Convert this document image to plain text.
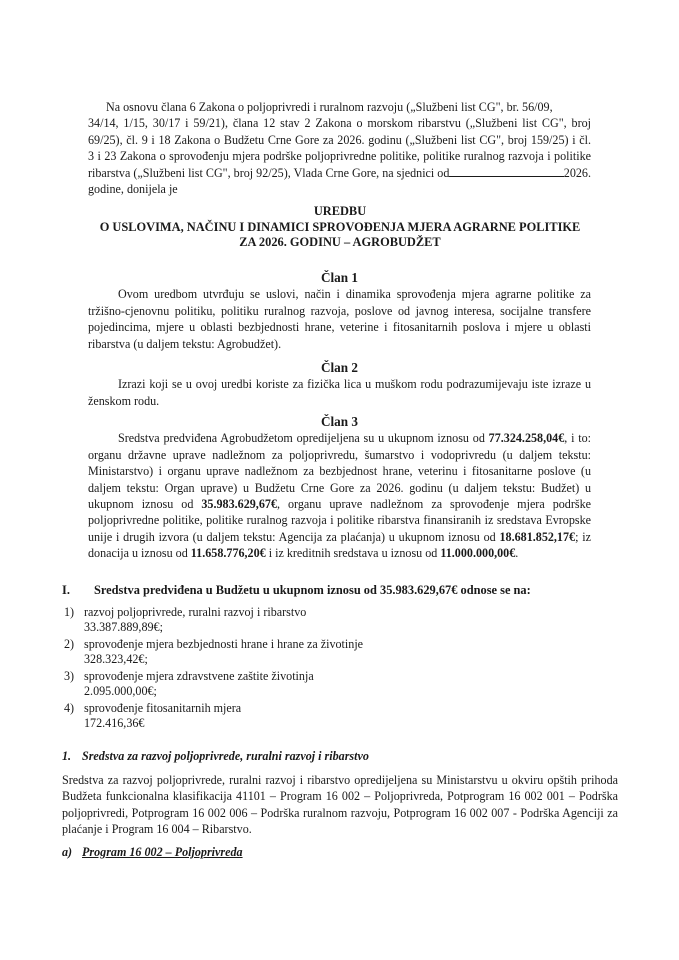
Na osnovu člana 6 Zakona o poljoprivredi i ruralnom razvoju („Službeni list CG", br. 56/09,
34/14, 1/15, 30/17 i 59/21), člana 12 stav 2 Zakona o morskom ribarstvu („Službeni list CG", broj
69/25), čl. 9 i 18 Zakona o Budžetu Crne Gore za 2026. godinu („Službeni list CG", broj 159/25) i čl.
3 i 23 Zakona o sprovođenju mjera podrške poljoprivredne politike, politike ruralnog razvoja i politike
ribarstva („Službeni list CG", broj 92/25), Vlada Crne Gore, na sjednici od	2026.
godine, donijela je
UREDBU
O USLOVIMA, NAČINU I DINAMICI SPROVOĐENJA MJERA AGRARNE POLITIKE
ZA 2026. GODINU – AGROBUDŽET
Član 1
Ovom uredbom utvrđuju se uslovi, način i dinamika sprovođenja mjera agrarne politike za tržišno-cjenovnu politiku, politiku ruralnog razvoja, poslove od javnog interesa, socijalne transfere pojedincima, mjere u oblasti bezbjednosti hrane, veterine i fitosanitarnih poslova i mjere u oblasti ribarstva (u daljem tekstu: Agrobudžet).
Član 2
Izrazi koji se u ovoj uredbi koriste za fizička lica u muškom rodu podrazumijevaju iste izraze u ženskom rodu.
Član 3
Sredstva predviđena Agrobudžetom opredijeljena su u ukupnom iznosu od 77.324.258,04€, i to: organu državne uprave nadležnom za poljoprivredu, šumarstvo i vodoprivredu (u daljem tekstu: Ministarstvo) i organu uprave nadležnom za bezbjednost hrane, veterinu i fitosanitarne poslove (u daljem tekstu: Organ uprave) u Budžetu Crne Gore za 2026. godinu (u daljem tekstu: Budžet) u ukupnom iznosu od 35.983.629,67€, organu uprave nadležnom za sprovođenje mjera podrške poljoprivredne politike, politike ruralnog razvoja i politike ribarstva finansiranih iz sredstava Evropske unije i drugih izvora (u daljem tekstu: Agencija za plaćanja) u ukupnom iznosu od 18.681.852,17€; iz donacija u iznosu od 11.658.776,20€ i iz kreditnih sredstava u iznosu od 11.000.000,00€.
I. Sredstva predviđena u Budžetu u ukupnom iznosu od 35.983.629,67€ odnose se na:
1) razvoj poljoprivrede, ruralni razvoj i ribarstvo
33.387.889,89€;
2) sprovođenje mjera bezbjednosti hrane i hrane za životinje
328.323,42€;
3) sprovođenje mjera zdravstvene zaštite životinja
2.095.000,00€;
4) sprovođenje fitosanitarnih mjera
172.416,36€
1. Sredstva za razvoj poljoprivrede, ruralni razvoj i ribarstvo
Sredstva za razvoj poljoprivrede, ruralni razvoj i ribarstvo opredijeljena su Ministarstvu u okviru opštih prihoda Budžeta funkcionalna klasifikacija 41101 – Program 16 002 – Poljoprivreda, Potprogram 16 002 001 – Podrška poljoprivredi, Potprogram 16 002 006 – Podrška ruralnom razvoju, Potprogram 16 002 007 - Podrška Agenciji za plaćanje i Program 16 004 – Ribarstvo.
a) Program 16 002 – Poljoprivreda
